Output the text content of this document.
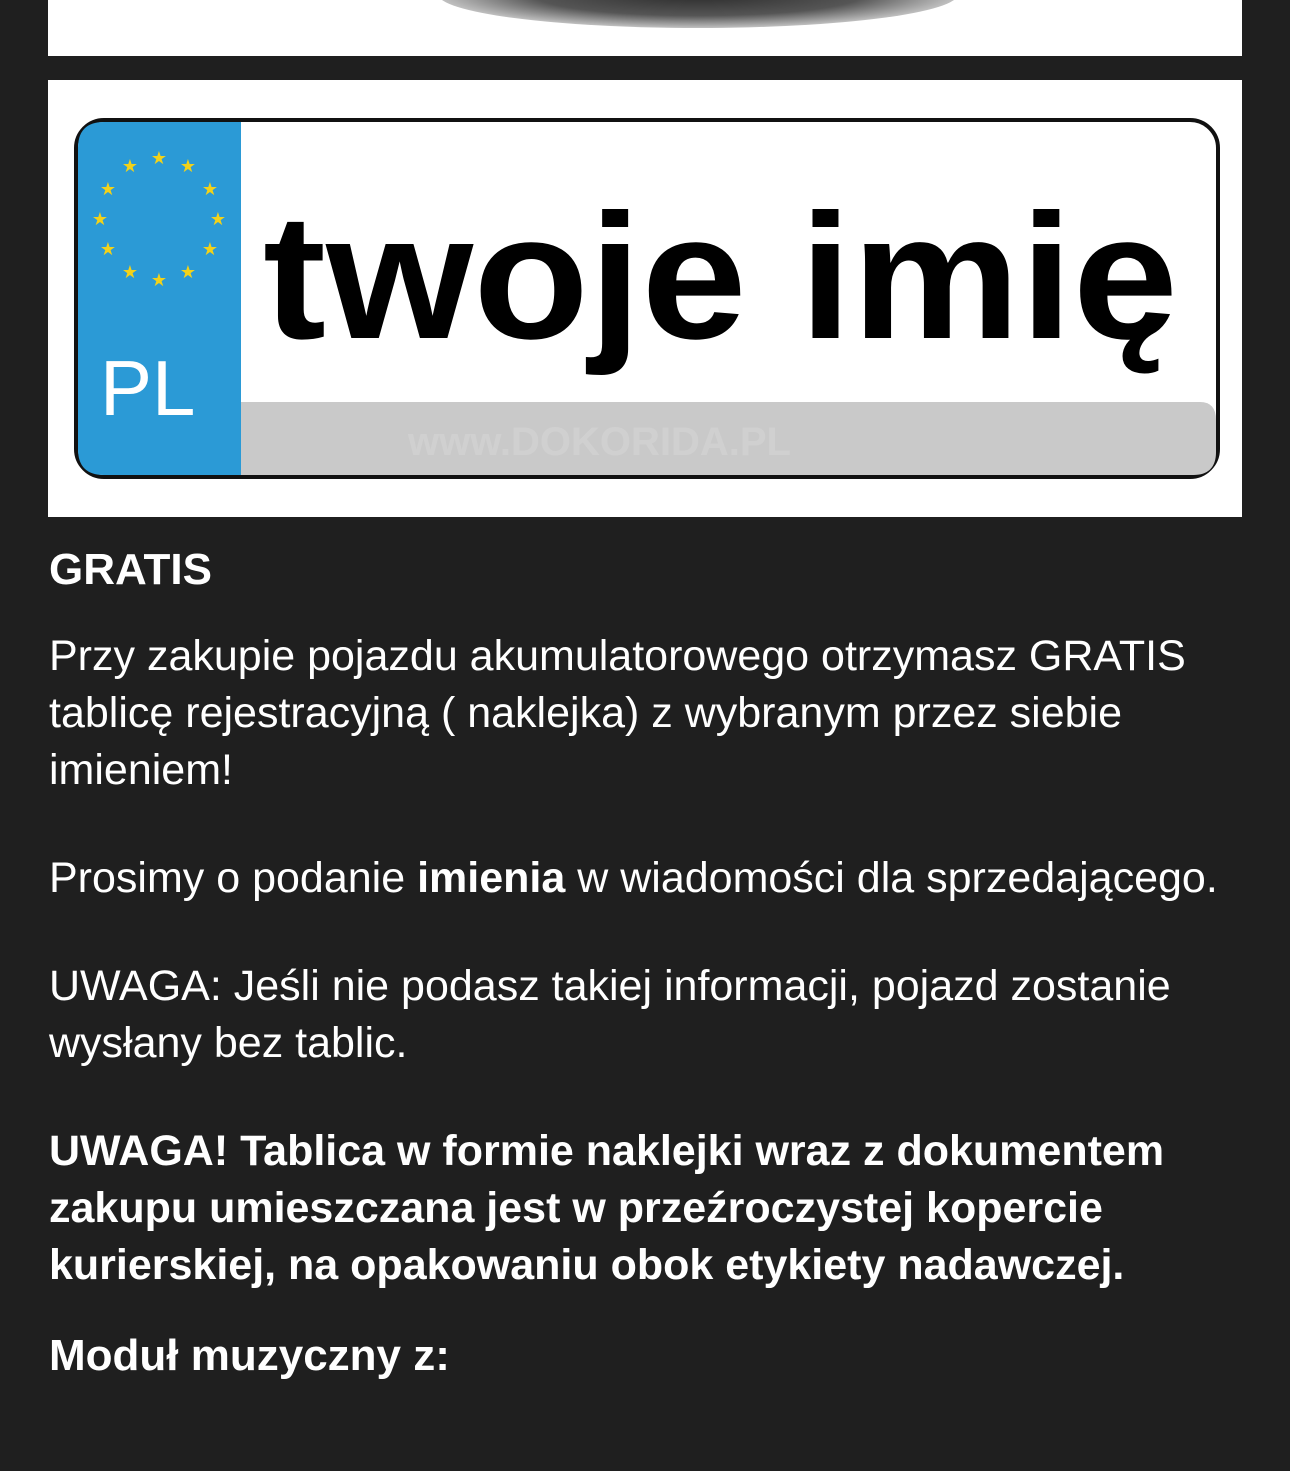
★ ★
★
★
★
★
★
★
★
★
★ ★
PL
www.DOKORIDA.PL
twoje imię
GRATIS
Przy zakupie pojazdu akumulatorowego otrzymasz GRATIS tablicę rejestracyjną ( naklejka) z wybranym przez siebie imieniem!
Prosimy o podanie imienia w wiadomości dla sprzedającego.
UWAGA: Jeśli nie podasz takiej informacji, pojazd zostanie wysłany bez tablic.
UWAGA! Tablica w formie naklejki wraz z dokumentem zakupu umieszczana jest w przeźroczystej kopercie kurierskiej, na opakowaniu obok etykiety nadawczej.
Moduł muzyczny z:
